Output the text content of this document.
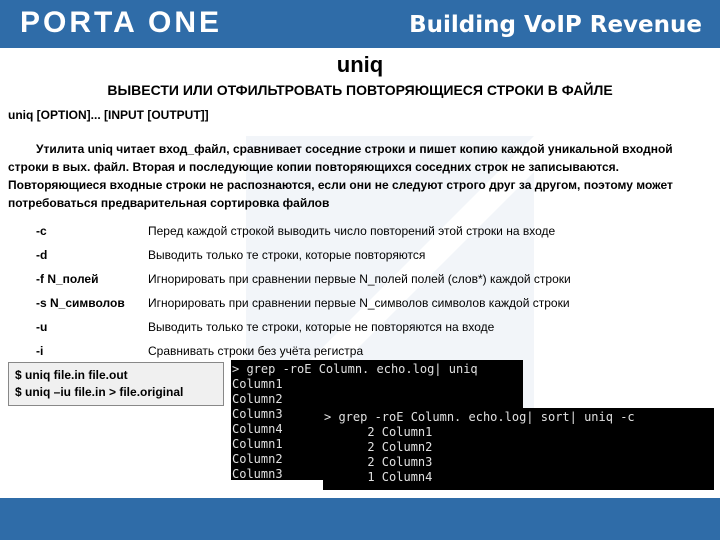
PORTA ONE	Building VoIP Revenue
uniq
ВЫВЕСТИ ИЛИ ОТФИЛЬТРОВАТЬ ПОВТОРЯЮЩИЕСЯ СТРОКИ В ФАЙЛЕ
uniq [OPTION]... [INPUT [OUTPUT]]
Утилита uniq читает вход_файл, сравнивает соседние строки и пишет копию каждой уникальной входной строки в вых. файл. Вторая и последующие копии повторяющихся соседних строк не записываются. Повторяющиеся входные строки не распознаются, если они не следуют строго друг за другом, поэтому может потребоваться предварительная сортировка файлов
-c	Перед каждой строкой выводить число повторений этой строки на входе
-d	Выводить только те строки, которые повторяются
-f N_полей	Игнорировать при сравнении первые N_полей полей (слов*) каждой строки
-s N_символов Игнорировать при сравнении первые N_символов символов каждой строки
-u	Выводить только те строки, которые не повторяются на входе
-i	Сравнивать строки без учёта регистра
$ uniq file.in file.out
$ uniq –iu file.in > file.original
> grep -roE Column. echo.log| uniq
Column1
Column2
Column3
Column4
Column1
Column2
Column3
> grep -roE Column. echo.log| sort| uniq -c
2 Column1
2 Column2
2 Column3
1 Column4
